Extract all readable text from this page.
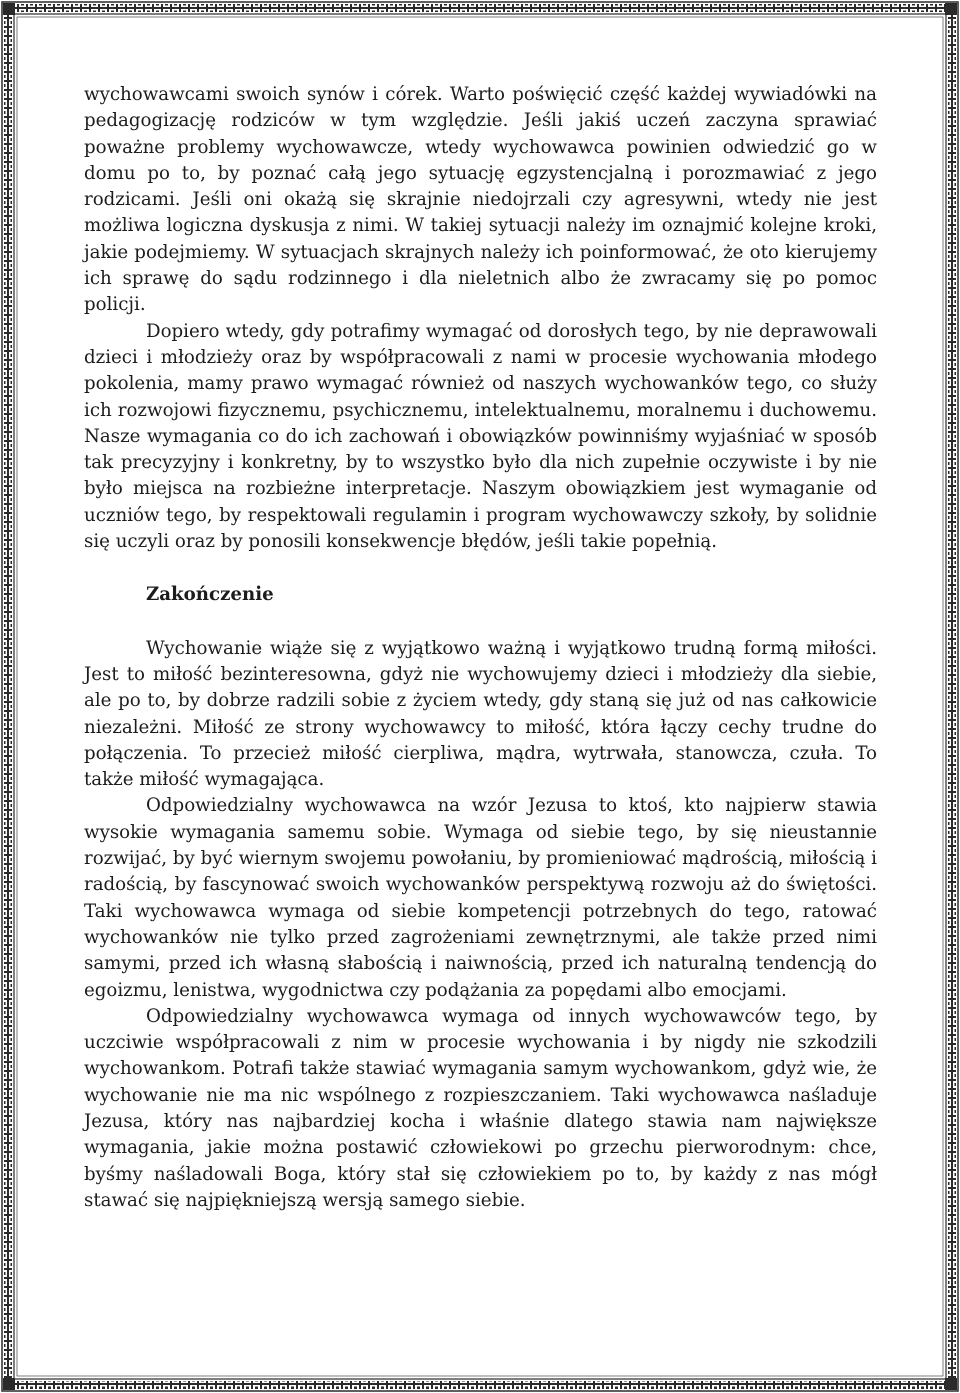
wychowawcami swoich synów i córek. Warto poświęcić część każdej wywiadówki na pedagogizację rodziców w tym względzie. Jeśli jakiś uczeń zaczyna sprawiać poważne problemy wychowawcze, wtedy wychowawca powinien odwiedzić go w domu po to, by poznać całą jego sytuację egzystencjalną i porozmawiać z jego rodzicami. Jeśli oni okażą się skrajnie niedojrzali czy agresywni, wtedy nie jest możliwa logiczna dyskusja z nimi. W takiej sytuacji należy im oznajmić kolejne kroki, jakie podejmiemy. W sytuacjach skrajnych należy ich poinformować, że oto kierujemy ich sprawę do sądu rodzinnego i dla nieletnich albo że zwracamy się po pomoc policji.

Dopiero wtedy, gdy potrafimy wymagać od dorosłych tego, by nie deprawowali dzieci i młodzieży oraz by współpracowali z nami w procesie wychowania młodego pokolenia, mamy prawo wymagać również od naszych wychowanków tego, co służy ich rozwojowi fizycznemu, psychicznemu, intelektualnemu, moralnemu i duchowemu. Nasze wymagania co do ich zachowań i obowiązków powinniśmy wyjaśniać w sposób tak precyzyjny i konkretny, by to wszystko było dla nich zupełnie oczywiste i by nie było miejsca na rozbieżne interpretacje. Naszym obowiązkiem jest wymaganie od uczniów tego, by respektowali regulamin i program wychowawczy szkoły, by solidnie się uczyli oraz by ponosili konsekwencje błędów, jeśli takie popełnią.

Zakończenie

Wychowanie wiąże się z wyjątkowo ważną i wyjątkowo trudną formą miłości. Jest to miłość bezinteresowna, gdyż nie wychowujemy dzieci i młodzieży dla siebie, ale po to, by dobrze radzili sobie z życiem wtedy, gdy staną się już od nas całkowicie niezależni. Miłość ze strony wychowawcy to miłość, która łączy cechy trudne do połączenia. To przecież miłość cierpliwa, mądra, wytrwała, stanowcza, czuła. To także miłość wymagająca.

Odpowiedzialny wychowawca na wzór Jezusa to ktoś, kto najpierw stawia wysokie wymagania samemu sobie. Wymaga od siebie tego, by się nieustannie rozwijać, by być wiernym swojemu powołaniu, by promieniować mądrością, miłością i radością, by fascynować swoich wychowanków perspektywą rozwoju aż do świętości. Taki wychowawca wymaga od siebie kompetencji potrzebnych do tego, ratować wychowanków nie tylko przed zagrożeniami zewnętrznymi, ale także przed nimi samymi, przed ich własną słabością i naiwnością, przed ich naturalną tendencją do egoizmu, lenistwa, wygodnictwa czy podążania za popędami albo emocjami.

Odpowiedzialny wychowawca wymaga od innych wychowawców tego, by uczciwie współpracowali z nim w procesie wychowania i by nigdy nie szkodzili wychowankom. Potrafi także stawiać wymagania samym wychowankom, gdyż wie, że wychowanie nie ma nic wspólnego z rozpieszczaniem. Taki wychowawca naśladuje Jezusa, który nas najbardziej kocha i właśnie dlatego stawia nam największe wymagania, jakie można postawić człowiekowi po grzechu pierworodnym: chce, byśmy naśladowali Boga, który stał się człowiekiem po to, by każdy z nas mógł stawać się najpiękniejszą wersją samego siebie.
